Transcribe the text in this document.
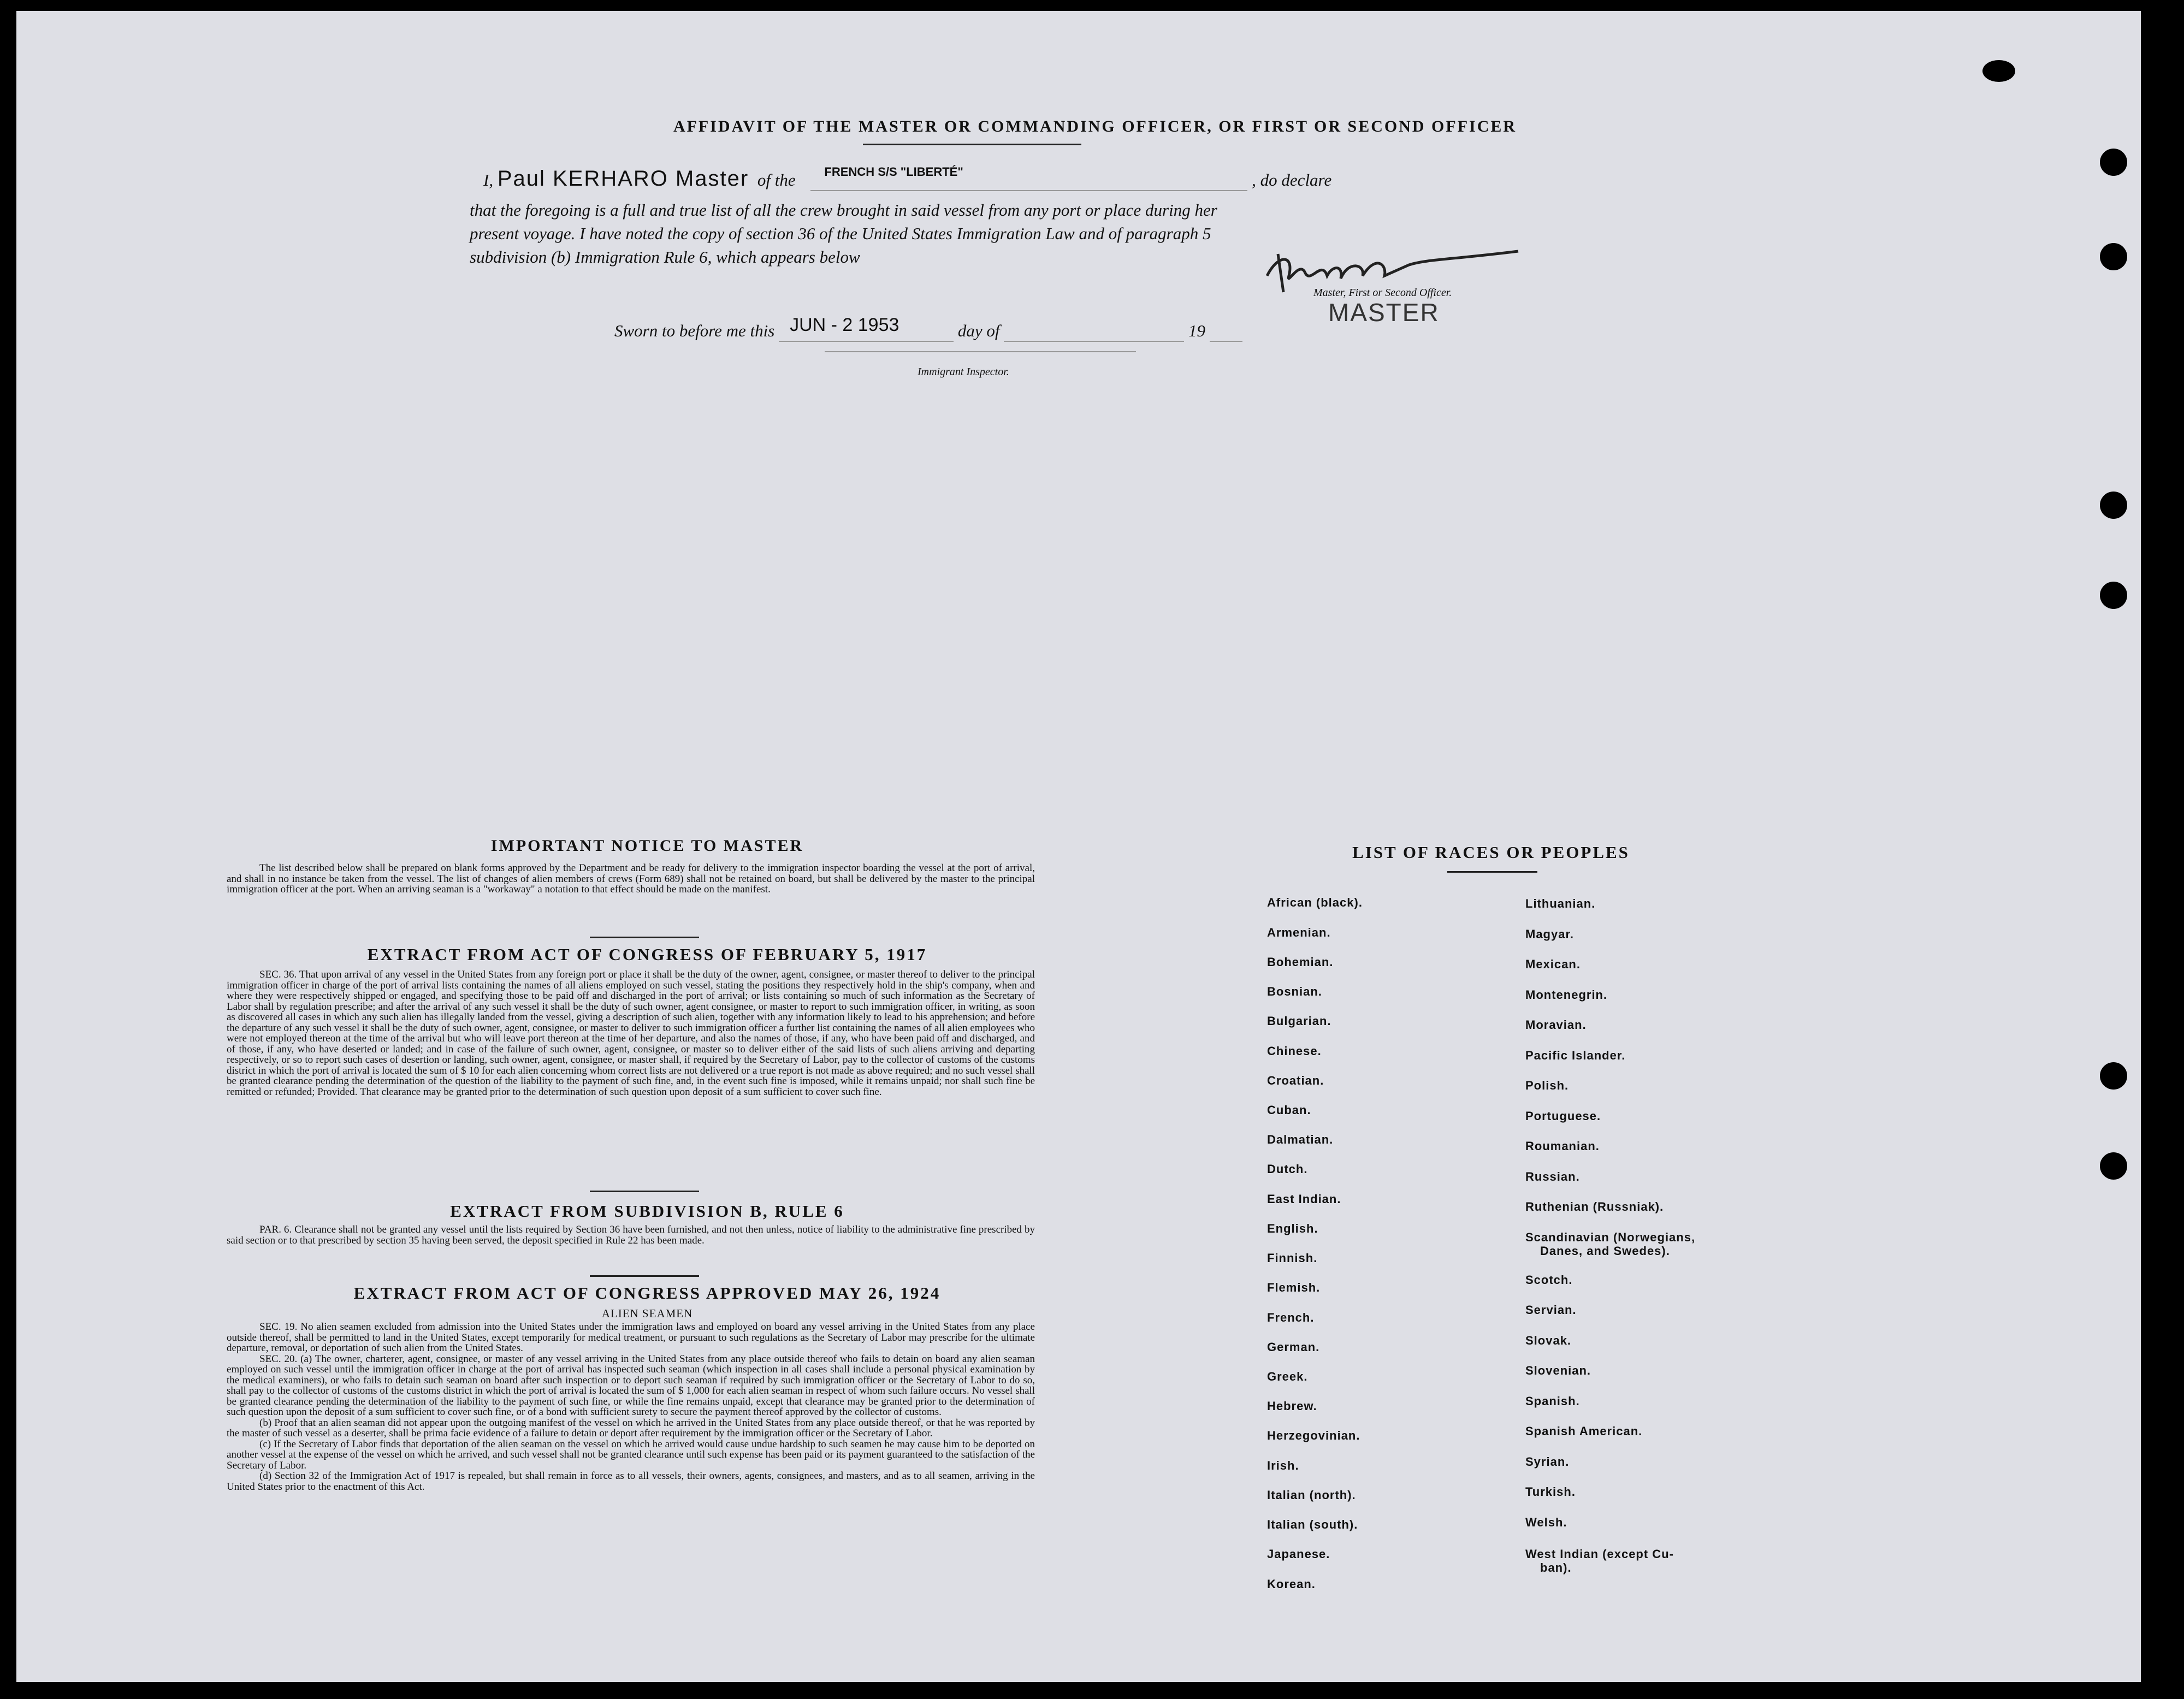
AFFIDAVIT OF THE MASTER OR COMMANDING OFFICER, OR FIRST OR SECOND OFFICER
I, Paul KERHARO Master of the FRENCH S/S "LIBERTÉ"	, do declare
that the foregoing is a full and true list of all the crew brought in said vessel from any port or place during her
present voyage. I have noted the copy of section 36 of the United States Immigration Law and of paragraph 5
subdivision (b) Immigration Rule 6, which appears below
Master, First or Second Officer.
MASTER
Sworn to before me this JUN - 2 1953	day of	19
Immigrant Inspector.
IMPORTANT NOTICE TO MASTER

The list described below shall be prepared on blank forms approved by the Department and be ready for delivery to the immigration inspector boarding the vessel at the port of arrival, and shall in no instance be taken from the vessel. The list of changes of alien members of crews (Form 689) shall not be retained on board, but shall be delivered by the master to the principal immigration officer at the port. When an arriving seaman is a "workaway" a notation to that effect should be made on the manifest.

EXTRACT FROM ACT OF CONGRESS OF FEBRUARY 5, 1917

SEC. 36. That upon arrival of any vessel in the United States from any foreign port or place it shall be the duty of the owner, agent, consignee, or master thereof to deliver to the principal immigration officer in charge of the port of arrival lists containing the names of all aliens employed on such vessel, stating the positions they respectively hold in the ship's company, when and where they were respectively shipped or engaged, and specifying those to be paid off and discharged in the port of arrival; or lists containing so much of such information as the Secretary of Labor shall by regulation prescribe; and after the arrival of any such vessel it shall be the duty of such owner, agent consignee, or master to report to such immigration officer, in writing, as soon as discovered all cases in which any such alien has illegally landed from the vessel, giving a description of such alien, together with any information likely to lead to his apprehension; and before the departure of any such vessel it shall be the duty of such owner, agent, consignee, or master to deliver to such immigration officer a further list containing the names of all alien employees who were not employed thereon at the time of the arrival but who will leave port thereon at the time of her departure, and also the names of those, if any, who have been paid off and discharged, and of those, if any, who have deserted or landed; and in case of the failure of such owner, agent, consignee, or master so to deliver either of the said lists of such aliens arriving and departing respectively, or so to report such cases of desertion or landing, such owner, agent, consignee, or master shall, if required by the Secretary of Labor, pay to the collector of customs of the customs district in which the port of arrival is located the sum of $ 10 for each alien concerning whom correct lists are not delivered or a true report is not made as above required; and no such vessel shall be granted clearance pending the determination of the question of the liability to the payment of such fine, and, in the event such fine is imposed, while it remains unpaid; nor shall such fine be remitted or refunded; Provided. That clearance may be granted prior to the determination of such question upon deposit of a sum sufficient to cover such fine.

EXTRACT FROM SUBDIVISION B, RULE 6

PAR. 6. Clearance shall not be granted any vessel until the lists required by Section 36 have been furnished, and not then unless, notice of liability to the administrative fine prescribed by said section or to that prescribed by section 35 having been served, the deposit specified in Rule 22 has been made.

EXTRACT FROM ACT OF CONGRESS APPROVED MAY 26, 1924
ALIEN SEAMEN

SEC. 19. No alien seamen excluded from admission into the United States under the immigration laws and employed on board any vessel arriving in the United States from any place outside thereof, shall be permitted to land in the United States, except temporarily for medical treatment, or pursuant to such regulations as the Secretary of Labor may prescribe for the ultimate departure, removal, or deportation of such alien from the United States.

SEC. 20. (a) The owner, charterer, agent, consignee, or master of any vessel arriving in the United States from any place outside thereof who fails to detain on board any alien seaman employed on such vessel until the immigration officer in charge at the port of arrival has inspected such seaman (which inspection in all cases shall include a personal physical examination by the medical examiners), or who fails to detain such seaman on board after such inspection or to deport such seaman if required by such immigration officer or the Secretary of Labor to do so, shall pay to the collector of customs of the customs district in which the port of arrival is located the sum of $ 1,000 for each alien seaman in respect of whom such failure occurs. No vessel shall be granted clearance pending the determination of the liability to the payment of such fine, or while the fine remains unpaid, except that clearance may be granted prior to the determination of such question upon the deposit of a sum sufficient to cover such fine, or of a bond with sufficient surety to secure the payment thereof approved by the collector of customs.

(b) Proof that an alien seaman did not appear upon the outgoing manifest of the vessel on which he arrived in the United States from any place outside thereof, or that he was reported by the master of such vessel as a deserter, shall be prima facie evidence of a failure to detain or deport after requirement by the immigration officer or the Secretary of Labor.

(c) If the Secretary of Labor finds that deportation of the alien seaman on the vessel on which he arrived would cause undue hardship to such seamen he may cause him to be deported on another vessel at the expense of the vessel on which he arrived, and such vessel shall not be granted clearance until such expense has been paid or its payment guaranteed to the satisfaction of the Secretary of Labor.

(d) Section 32 of the Immigration Act of 1917 is repealed, but shall remain in force as to all vessels, their owners, agents, consignees, and masters, and as to all seamen, arriving in the United States prior to the enactment of this Act.

LIST OF RACES OR PEOPLES
African (black).
Armenian.
Bohemian.
Bosnian.
Bulgarian.
Chinese.
Croatian.
Cuban.
Dalmatian.
Dutch.
East Indian.
English.
Finnish.
Flemish.
French.
German.
Greek.
Hebrew.
Herzegovinian.
Irish.
Italian (north).
Italian (south).
Japanese.
Korean.
Lithuanian.
Magyar.
Mexican.
Montenegrin.
Moravian.
Pacific Islander.
Polish.
Portuguese.
Roumanian.
Russian.
Ruthenian (Russniak).
Scandinavian (Norwegians,
Danes, and Swedes).
Scotch.
Servian.
Slovak.
Slovenian.
Spanish.
Spanish American.
Syrian.
Turkish.
Welsh.
West Indian (except Cu-
ban).
